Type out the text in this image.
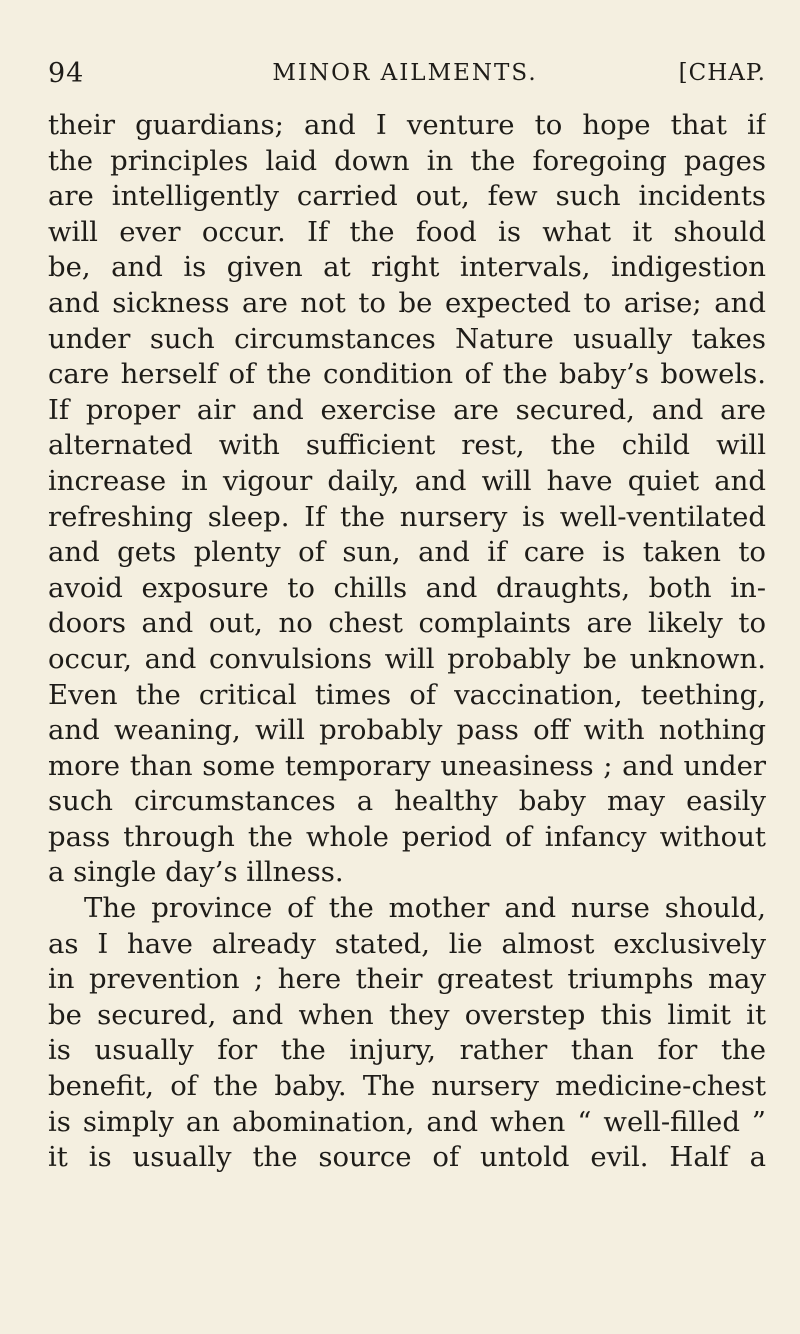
94	MINOR AILMENTS.	[CHAP.
their guardians; and I venture to hope that if
the principles laid down in the foregoing pages
are intelligently carried out, few such incidents
will ever occur. If the food is what it should
be, and is given at right intervals, indigestion
and sickness are not to be expected to arise; and
under such circumstances Nature usually takes
care herself of the condition of the baby’s bowels.
If proper air and exercise are secured, and are
alternated with sufficient rest, the child will
increase in vigour daily, and will have quiet and
refreshing sleep. If the nursery is well-ventilated
and gets plenty of sun, and if care is taken to
avoid exposure to chills and draughts, both in-
doors and out, no chest complaints are likely to
occur, and convulsions will probably be unknown.
Even the critical times of vaccination, teething,
and weaning, will probably pass off with nothing
more than some temporary uneasiness ; and under
such circumstances a healthy baby may easily
pass through the whole period of infancy without
a single day’s illness.
The province of the mother and nurse should,
as I have already stated, lie almost exclusively
in prevention ; here their greatest triumphs may
be secured, and when they overstep this limit it
is usually for the injury, rather than for the
benefit, of the baby. The nursery medicine-chest
is simply an abomination, and when “ well-filled ”
it is usually the source of untold evil. Half a
